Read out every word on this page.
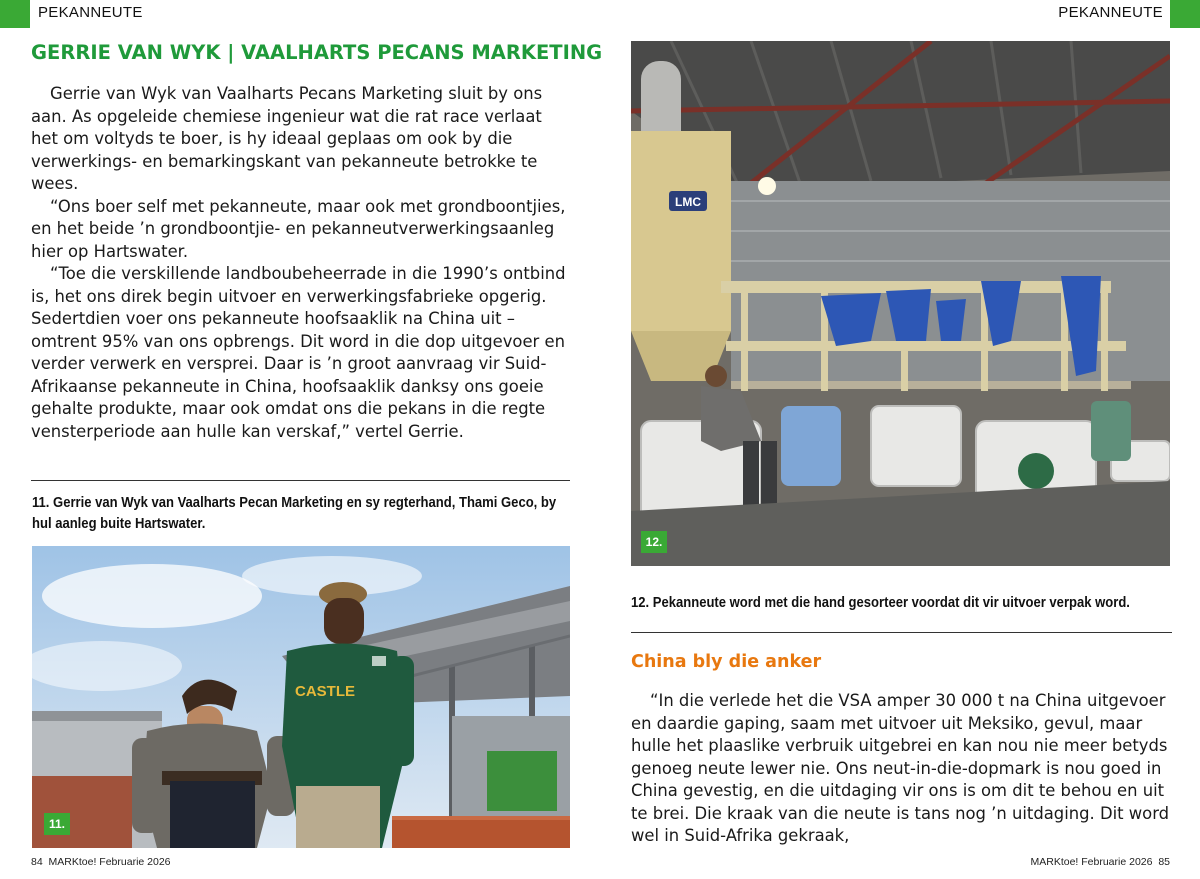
PEKANNEUTE
GERRIE VAN WYK | VAALHARTS PECANS MARKETING

Gerrie van Wyk van Vaalharts Pecans Marketing sluit by ons aan. As opgeleide chemiese ingenieur wat die rat race verlaat het om voltyds te boer, is hy ideaal geplaas om ook by die verwerkings- en bemarkingskant van pekanneute betrokke te wees.

“Ons boer self met pekanneute, maar ook met grondboontjies, en het beide ’n grondboontjie- en pekanneutverwerkingsaanleg hier op Hartswater.

“Toe die verskillende landboubeheerrade in die 1990’s ontbind is, het ons direk begin uitvoer en verwerkingsfabrieke opgerig. Sedertdien voer ons pekanneute hoofsaaklik na China uit – omtrent 95% van ons opbrengs. Dit word in die dop uitgevoer en verder verwerk en versprei. Daar is ’n groot aanvraag vir Suid-Afrikaanse pekanneute in China, hoofsaaklik danksy ons goeie gehalte produkte, maar ook omdat ons die pekans in die regte vensterperiode aan hulle kan verskaf,” vertel Gerrie.

11. Gerrie van Wyk van Vaalharts Pecan Marketing en sy regterhand, Thami Geco, by hul aanleg buite Hartswater.
CASTLE
11.
84 MARKtoe! Februarie 2026
PEKANNEUTE
LMC
12.
12. Pekanneute word met die hand gesorteer voordat dit vir uitvoer verpak word.
China bly die anker

“In die verlede het die VSA amper 30 000 t na China uitgevoer en daardie gaping, saam met uitvoer uit Meksiko, gevul, maar hulle het plaaslike verbruik uitgebrei en kan nou nie meer betyds genoeg neute lewer nie. Ons neut-in-die-dopmark is nou goed in China gevestig, en die uitdaging vir ons is om dit te behou en uit te brei. Die kraak van die neute is tans nog ’n uitdaging. Dit word wel in Suid-Afrika gekraak,

MARKtoe! Februarie 2026 85
